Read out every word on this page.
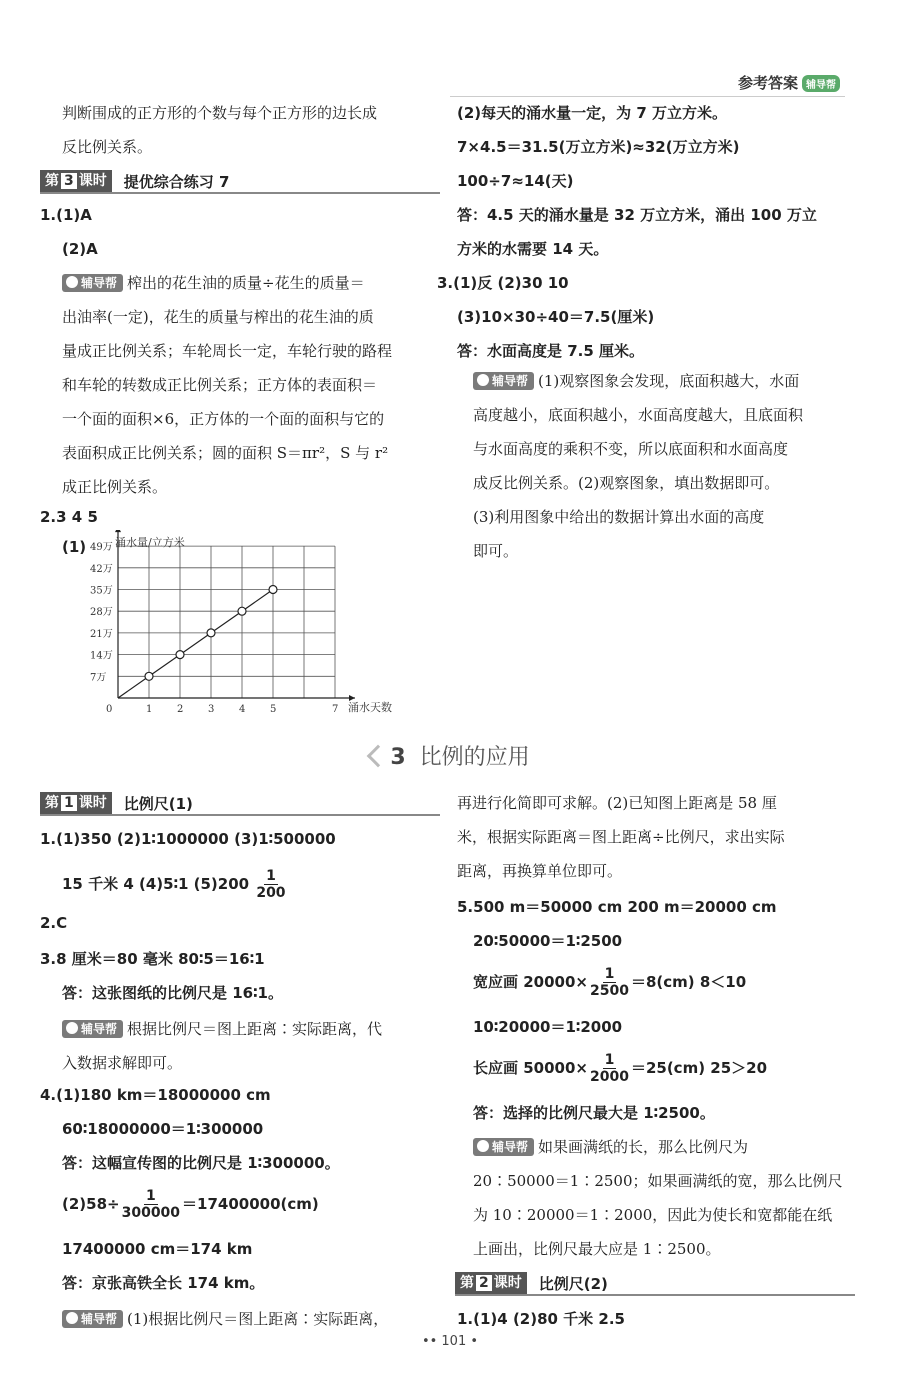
参考答案 辅导帮
判断围成的正方形的个数与每个正方形的边长成
反比例关系。
第 3 课时	提优综合练习 7
1.(1)A
(2)A
辅导帮 榨出的花生油的质量÷花生的质量＝
出油率(一定)，花生的质量与榨出的花生油的质
量成正比例关系；车轮周长一定，车轮行驶的路程
和车轮的转数成正比例关系；正方体的表面积＝
一个面的面积×6，正方体的一个面的面积与它的
表面积成正比例关系；圆的面积 S＝πr²，S 与 r²
成正比例关系。
2.3 4 5
(1)	涌水量/立方米
0	1 2 3 4 5	7
7万
14万
21万
28万
35万
42万
49万
涌水天数
(2)每天的涌水量一定，为 7 万立方米。
7×4.5＝31.5(万立方米)≈32(万立方米)
100÷7≈14(天)
答：4.5 天的涌水量是 32 万立方米，涌出 100 万立
方米的水需要 14 天。
3.(1)反 (2)30 10
(3)10×30÷40＝7.5(厘米)
答：水面高度是 7.5 厘米。
辅导帮 (1)观察图象会发现，底面积越大，水面
高度越小，底面积越小，水面高度越大，且底面积
与水面高度的乘积不变，所以底面积和水面高度
成反比例关系。(2)观察图象，填出数据即可。
(3)利用图象中给出的数据计算出水面的高度
即可。
3 比例的应用
第 1 课时	比例尺(1)
1.(1)350 (2)1∶1000000 (3)1∶500000
15 千米 4 (4)5∶1 $(5)200 \frac{1}{200}$
2.C
3.8 厘米＝80 毫米 80∶5＝16∶1
答：这张图纸的比例尺是 16∶1。
辅导帮 根据比例尺＝图上距离∶实际距离，代
入数据求解即可。
4.(1)180 km＝18000000 cm
60∶18000000＝1∶300000
答：这幅宣传图的比例尺是 1∶300000。
$(2)58\div \frac{1}{300000} =17400000(cm)$
17400000 cm＝174 km
答：京张高铁全长 174 km。
辅导帮 (1)根据比例尺＝图上距离∶实际距离，
再进行化简即可求解。(2)已知图上距离是 58 厘
米，根据实际距离＝图上距离÷比例尺，求出实际
距离，再换算单位即可。
5.500 m＝50000 cm 200 m＝20000 cm
20∶50000＝1∶2500
宽应画 $20000\times \frac{1}{2500} =8(cm)$ 8＜10
10∶20000＝1∶2000
长应画 $50000\times \frac{1}{2000} =25(cm)$ 25＞20
答：选择的比例尺最大是 1∶2500。
辅导帮 如果画满纸的长，那么比例尺为
20∶50000＝1∶2500；如果画满纸的宽，那么比例尺
为 10∶20000＝1∶2000，因此为使长和宽都能在纸
上画出，比例尺最大应是 1∶2500。
第 2 课时	比例尺(2)
1.(1)4 (2)80 千米 2.5
•• 101 •
